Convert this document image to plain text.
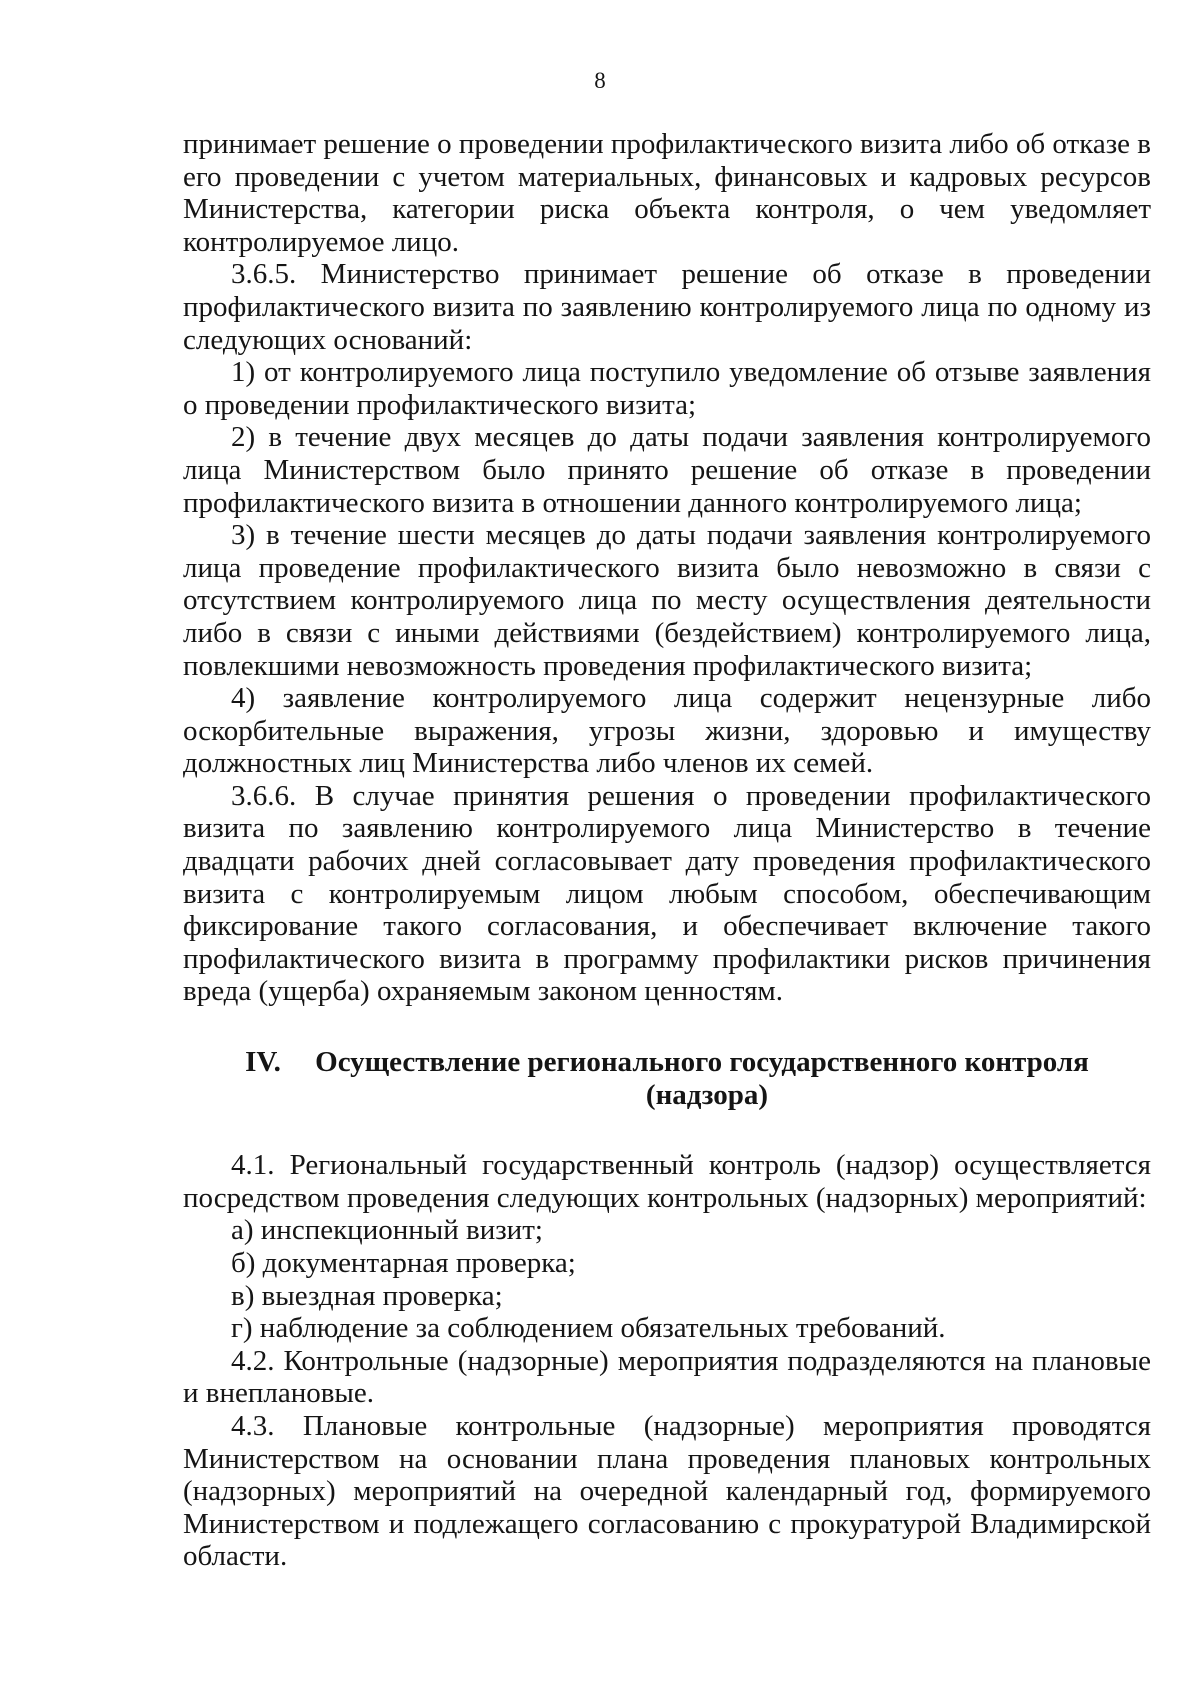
8

принимает решение о проведении профилактического визита либо об отказе в его проведении с учетом материальных, финансовых и кадровых ресурсов Министерства, категории риска объекта контроля, о чем уведомляет контролируемое лицо.

3.6.5. Министерство принимает решение об отказе в проведении профилактического визита по заявлению контролируемого лица по одному из следующих оснований:

1) от контролируемого лица поступило уведомление об отзыве заявления о проведении профилактического визита;

2) в течение двух месяцев до даты подачи заявления контролируемого лица Министерством было принято решение об отказе в проведении профилактического визита в отношении данного контролируемого лица;

3) в течение шести месяцев до даты подачи заявления контролируемого лица проведение профилактического визита было невозможно в связи с отсутствием контролируемого лица по месту осуществления деятельности либо в связи с иными действиями (бездействием) контролируемого лица, повлекшими невозможность проведения профилактического визита;

4) заявление контролируемого лица содержит нецензурные либо оскорбительные выражения, угрозы жизни, здоровью и имуществу должностных лиц Министерства либо членов их семей.

3.6.6. В случае принятия решения о проведении профилактического визита по заявлению контролируемого лица Министерство в течение двадцати рабочих дней согласовывает дату проведения профилактического визита с контролируемым лицом любым способом, обеспечивающим фиксирование такого согласования, и обеспечивает включение такого профилактического визита в программу профилактики рисков причинения вреда (ущерба) охраняемым законом ценностям.

IV. Осуществление регионального государственного контроля
(надзора)

4.1. Региональный государственный контроль (надзор) осуществляется посредством проведения следующих контрольных (надзорных) мероприятий:

а) инспекционный визит;

б) документарная проверка;

в) выездная проверка;

г) наблюдение за соблюдением обязательных требований.

4.2. Контрольные (надзорные) мероприятия подразделяются на плановые и внеплановые.

4.3. Плановые контрольные (надзорные) мероприятия проводятся Министерством на основании плана проведения плановых контрольных (надзорных) мероприятий на очередной календарный год, формируемого Министерством и подлежащего согласованию с прокуратурой Владимирской области.
